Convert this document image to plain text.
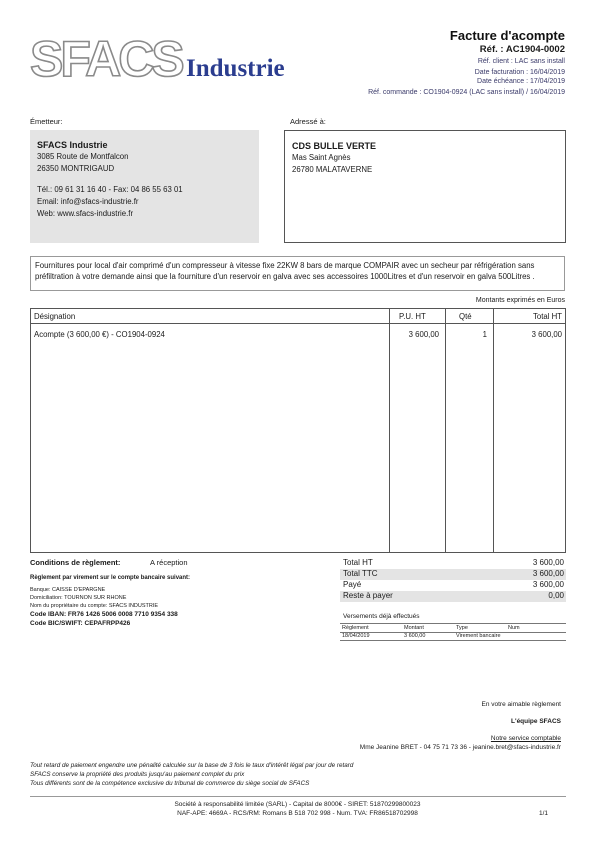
SFACS Industrie
Facture d'acompte
Réf. : AC1904-0002
Réf. client : LAC sans install
Date facturation : 16/04/2019
Date échéance : 17/04/2019
Réf. commande : CO1904-0924 (LAC sans install) / 16/04/2019
Émetteur:
SFACS Industrie
3085 Route de Montfalcon
26350 MONTRIGAUD
Tél.: 09 61 31 16 40 - Fax: 04 86 55 63 01
Email: info@sfacs-industrie.fr
Web: www.sfacs-industrie.fr
Adressé à:
CDS BULLE VERTE
Mas Saint Agnès
26780 MALATAVERNE
Fournitures pour local d'air comprimé d'un compresseur à vitesse fixe 22KW 8 bars de marque COMPAIR avec un secheur par réfrigération sans préfiltration à votre demande ainsi que la fourniture d'un reservoir en galva avec ses accessoires 1000Litres et d'un reservoir en galva 500Litres .
Montants exprimés en Euros
Désignation	P.U. HT	Qté	Total HT
Acompte (3 600,00 €) - CO1904-0924	3 600,00	1	3 600,00
Conditions de règlement:	A réception
Règlement par virement sur le compte bancaire suivant:
Banque: CAISSE D'EPARGNE
Domiciliation: TOURNON SUR RHONE
Nom du propriétaire du compte: SFACS INDUSTRIE
Code IBAN: FR76 1426 5006 0008 7710 9354 338
Code BIC/SWIFT: CEPAFRPP426
Total HT	3 600,00
Total TTC	3 600,00
Payé	3 600,00
Reste à payer	0,00
Versements déjà effectués
Règlement	Montant	Type	Num
18/04/2019	3 600,00	Virement bancaire
En votre aimable règlement
L'équipe SFACS
Notre service comptable
Mme Jeanine BRET - 04 75 71 73 36 - jeanine.bret@sfacs-industrie.fr
Tout retard de paiement engendre une pénalité calculée sur la base de 3 fois le taux d'intérêt légal par jour de retard
SFACS conserve la propriété des produits jusqu'au paiement complet du prix
Tous différents sont de la compétence exclusive du tribunal de commerce du siège social de SFACS
Société à responsabilité limitée (SARL) - Capital de 8000€ - SIRET: 51870299800023
NAF-APE: 4669A - RCS/RM: Romans B 518 702 998 - Num. TVA: FR86518702998	1/1
